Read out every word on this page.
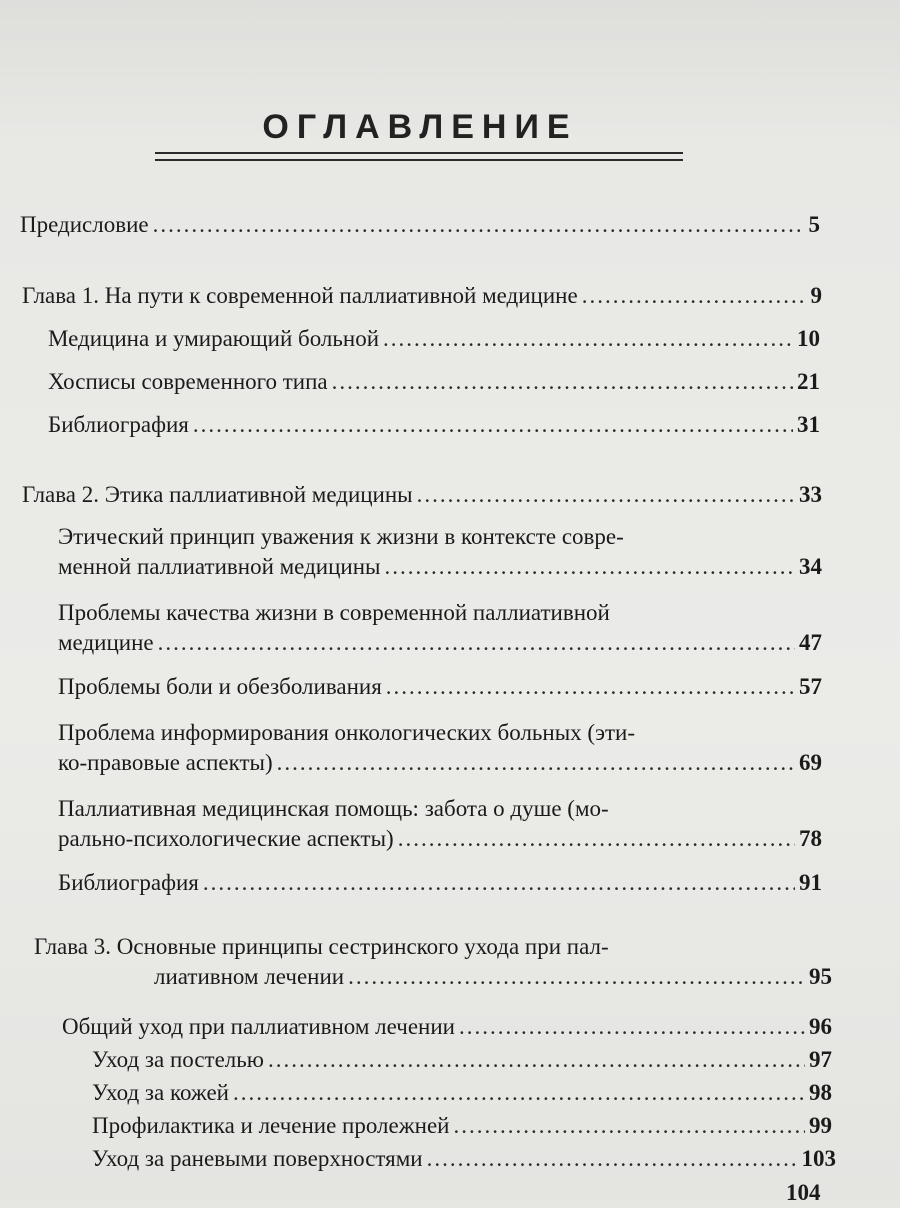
ОГЛАВЛЕНИЕ
Предисловие .....	5
Глава 1. На пути к современной паллиативной медицине .....	9
Медицина и умирающий больной .....	10
Хосписы современного типа .....	21
Библиография .....	31
Глава 2. Этика паллиативной медицины .....	33
Этический принцип уважения к жизни в контексте совре-
менной паллиативной медицины .....	34
Проблемы качества жизни в современной паллиативной
медицине .....	47
Проблемы боли и обезболивания .....	57
Проблема информирования онкологических больных (эти-
ко-правовые аспекты) .....	69
Паллиативная медицинская помощь: забота о душе (мо-
рально-психологические аспекты) .....	78
Библиография .....	91
Глава 3. Основные принципы сестринского ухода при пал-
лиативном лечении .....	95
Общий уход при паллиативном лечении .....	96
Уход за постелью .....	97
Уход за кожей .....	98
Профилактика и лечение пролежней .....	99
Уход за раневыми поверхностями .....	103
104
